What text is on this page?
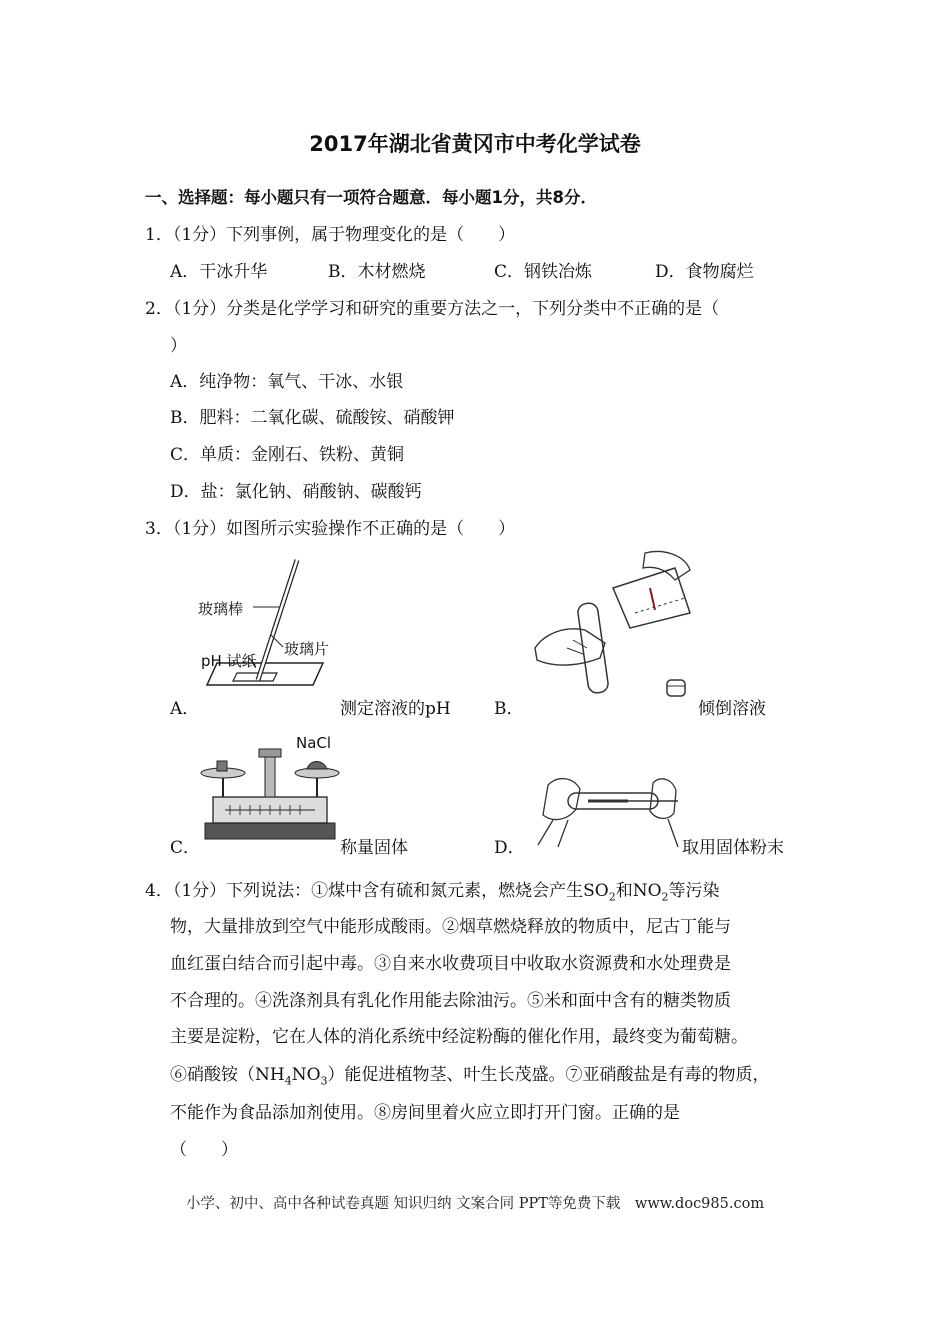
2017年湖北省黄冈市中考化学试卷
一、选择题：每小题只有一项符合题意．每小题1分，共8分．
1．（1分）下列事例，属于物理变化的是（　　）
A．干冰升华	B．木材燃烧	C．钢铁冶炼	D．食物腐烂
2．（1分）分类是化学学习和研究的重要方法之一，下列分类中不正确的是（
）
A．纯净物：氧气、干冰、水银
B．肥料：二氧化碳、硫酸铵、硝酸钾
C．单质：金刚石、铁粉、黄铜
D．盐：氯化钠、硝酸钠、碳酸钙
3．（1分）如图所示实验操作不正确的是（　　）
A．
玻璃棒
玻璃片
pH 试纸
测定溶液的pH	B．	倾倒溶液
C．
NaCl
称量固体	D．	取用固体粉末
4．（1分）下列说法：①煤中含有硫和氮元素，燃烧会产生$SO_2$和$NO_2$等污染
物，大量排放到空气中能形成酸雨。②烟草燃烧释放的物质中，尼古丁能与
血红蛋白结合而引起中毒。③自来水收费项目中收取水资源费和水处理费是
不合理的。④洗涤剂具有乳化作用能去除油污。⑤米和面中含有的糖类物质
主要是淀粉，它在人体的消化系统中经淀粉酶的催化作用，最终变为葡萄糖。
⑥硝酸铵$(NH_4NO_3)$能促进植物茎、叶生长茂盛。⑦亚硝酸盐是有毒的物质，
不能作为食品添加剂使用。⑧房间里着火应立即打开门窗。正确的是
（　　）
小学、初中、高中各种试卷真题 知识归纳 文案合同 PPT等免费下载　www.doc985.com
